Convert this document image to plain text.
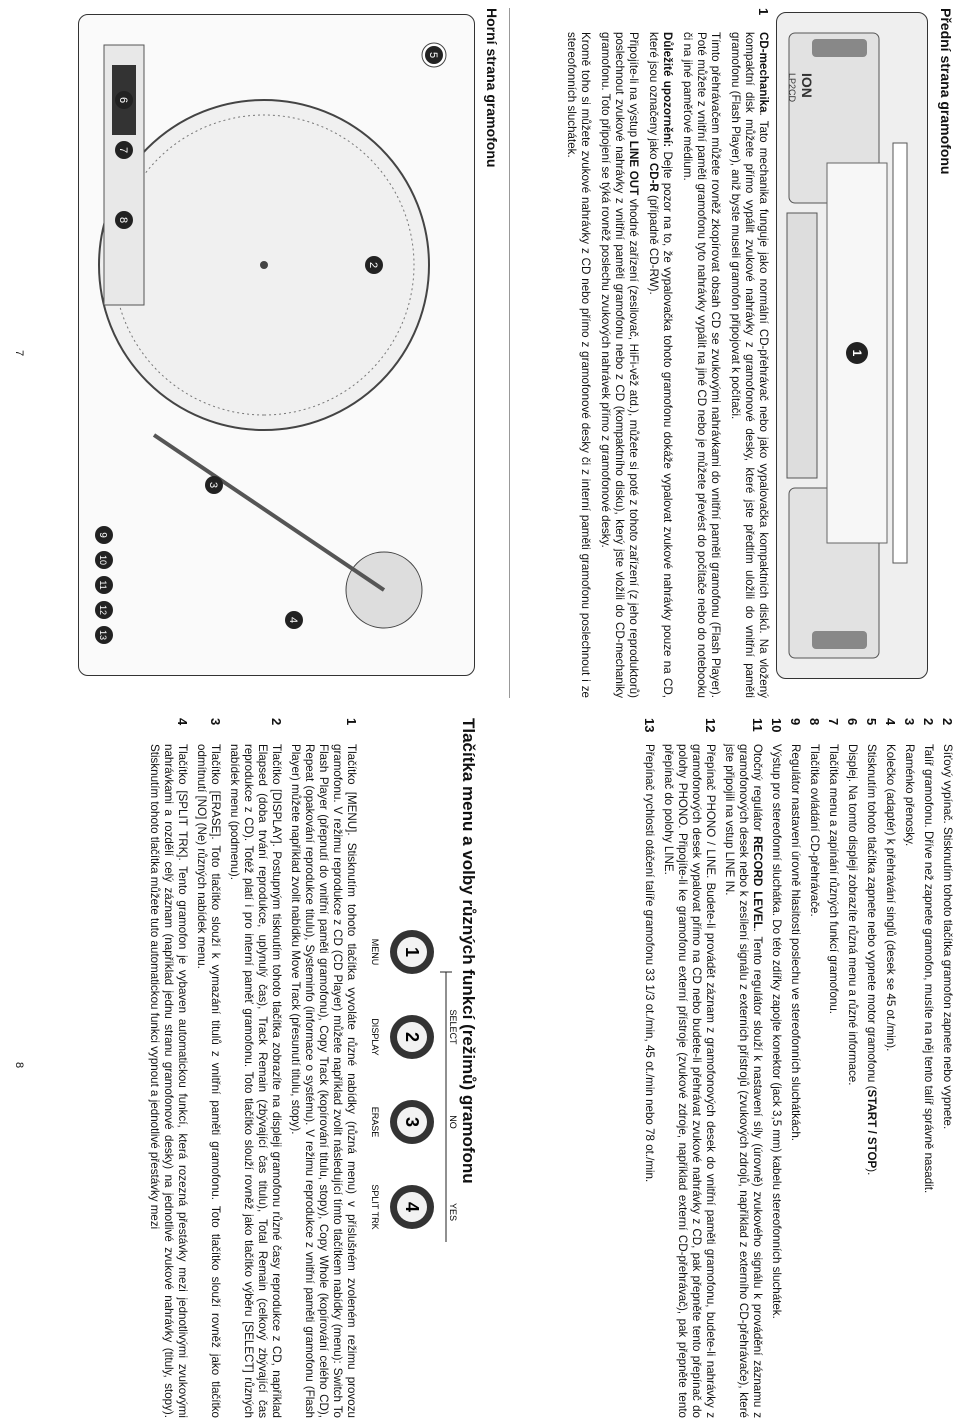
Přední strana gramofonu
1
ION
LP2CD
1

CD-mechanika. Tato mechanika funguje jako normální CD-přehrávač nebo jako vypalovačka kompaktních disků. Na vložený kompaktní disk můžete přímo vypálit zvukové nahrávky z gramofonové desky, které jste předtím uložili do vnitřní paměti gramofonu (Flash Player), aniž byste museli gramofon připojovat k počítači.

Tímto přehrávačem můžete rovněž zkopírovat obsah CD se zvukovými nahrávkami do vnitřní paměti gramofonu (Flash Player). Poté můžete z vnitřní paměti gramofonu tyto nahrávky vypálit na jiné CD nebo je můžete převést do počítače nebo do notebooku či na jiné paměťové médium.

Důležité upozornění: Dejte pozor na to, že vypalovačka tohoto gramofonu dokáže vypalovat zvukové nahrávky pouze na CD, které jsou označeny jako CD-R (případně CD-RW).

Připojíte-li na výstup LINE OUT vhodné zařízení (zesilovač, HiFi-věž atd.), můžete si poté z tohoto zařízení (z jeho reproduktorů) poslechnout zvukové nahrávky z vnitřní paměti gramofonu nebo z CD (kompaktního disku), který jste vložili do CD-mechaniky gramofonu. Toto připojení se týká rovněž poslechu zvukových nahrávek přímo z gramofonové desky.

Kromě toho si můžete zvukové nahrávky z CD nebo přímo z gramofonové desky či z interní paměti gramofonu poslechnout i ze stereofonních sluchátek.

Horní strana gramofonu
5
2
3
4
6
7
8
9
10
11
12
13
7
2
Síťový vypínač. Stisknutím tohoto tlačítka gramofon zapnete nebo vypnete.
2
Talíř gramofonu. Dříve než zapnete gramofon, musíte na něj tento talíř správně nasadit.
3
Raménko přenosky.
4
Kolečko (adaptér) k přehrávání singlů (desek se 45 ot./min).
5
Stisknutím tohoto tlačítka zapnete nebo vypnete motor gramofonu (START / STOP).
6
Displej. Na tomto displeji zobrazíte různá menu a různé informace.
7
Tlačítka menu a zapínání různých funkcí gramofonu.
8
Tlačítka ovládání CD-přehrávače.
9
Regulátor nastavení úrovně hlasitosti poslechu ve stereofonních sluchátkách.
10
Výstup pro stereofonní sluchátka. Do této zdířky zapojte konektor (jack 3,5 mm) kabelu stereofonních sluchátek.
11
Otočný regulátor RECORD LEVEL. Tento regulátor slouží k nastavení síly (úrovně) zvukového signálu k provádění záznamu z gramofonových desek nebo k zesílení signálu z externích přístrojů (zvukových zdrojů, například z externího CD-přehrávače), které jste připojili na vstup LINE IN.
12
Přepínač PHONO / LINE. Budete-li provádět záznam z gramofonových desek do vnitřní paměti gramofonu, budete-li nahrávky z gramofonových desek vypalovat přímo na CD nebo budete-li přehrávat zvukové nahrávky z CD, pak přepněte tento přepínač do polohy PHONO. Připojíte-li ke gramofonu externí přístroje (zvukové zdroje, například externí CD-přehrávač), pak přepněte tento přepínač do polohy LINE.
13
Přepínač rychlosti otáčení talíře gramofonu 33 1/3 ot./min, 45 ot./min nebo 78 ot./min.
Tlačítka menu a volby různých funkcí (režimů) gramofonu
SELECT
NO
YES
1
MENU
2
DISPLAY
3
ERASE
4
SPLIT TRK
1
Tlačítko [MENU]. Stisknutím tohoto tlačítka vyvoláte různé nabídky (různá menu) v příslušném zvoleném režimu provozu gramofonu. V režimu reprodukce z CD (CD Player) můžete například zvolit následující tímto tlačítkem nabídky (menu): Switch To Flash Player (přepnutí do vnitřní paměti gramofonu), Copy Track (kopírování titulu, stopy), Copy Whole (kopírování celého CD), Repeat (opakování reprodukce titulu), Systeminfo (informace o systému). V režimu reprodukce z vnitřní paměti gramofonu (Flash Player) můžete například zvolit nabídku Move Track (přesunutí titulu, stopy).
2
Tlačítko [DISPLAY]. Postupným tisknutím tohoto tlačítka zobrazíte na displeji gramofonu různé časy reprodukce z CD, například Elapsed (doba trvání reprodukce, uplynulý čas), Track Remain (zbývající čas titulu), Total Remain (celkový zbývající čas reprodukce z CD). Totéž platí i pro interní paměť gramofonu. Toto tlačítko slouží rovněž jako tlačítko výběru [SELECT] různých nabídek menu (podmenu).
3
Tlačítko [ERASE]. Toto tlačítko slouží k vymazání titulů z vnitřní paměti gramofonu. Toto tlačítko slouží rovněž jako tlačítko odmítnutí [NO] (Ne) různých nabídek menu.
4
Tlačítko [SPLIT TRK]. Tento gramofon je vybaven automatickou funkcí, která rozezná přestávky mezi jednotlivými zvukovými nahrávkami a rozdělí celý záznam (například jednu stranu gramofonové desky) na jednotlivé zvukové nahrávky (tituly, stopy). Stisknutím tohoto tlačítka můžete tuto automatickou funkci vypnout a jednotlivé přestávky mezi
8
